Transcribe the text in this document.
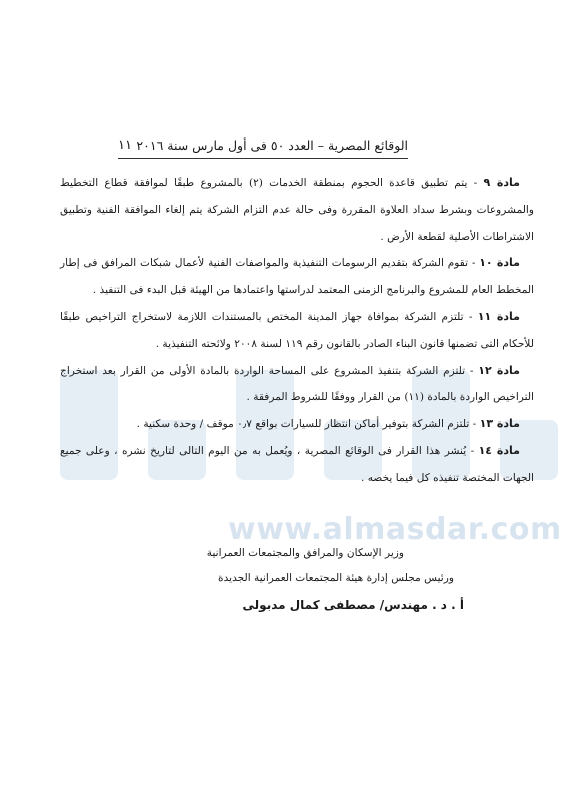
www.almasdar.com
الوقائع المصرية – العدد ٥٠ فى أول مارس سنة ٢٠١٦
١١

مادة ٩ - يتم تطبيق قاعدة الحجوم بمنطقة الخدمات (٢) بالمشروع طبقًا لموافقة قطاع التخطيط والمشروعات وبشرط سداد العلاوة المقررة وفى حالة عدم التزام الشركة يتم إلغاء الموافقة الفنية وتطبيق الاشتراطات الأصلية لقطعة الأرض .

مادة ١٠ - تقوم الشركة بتقديم الرسومات التنفيذية والمواصفات الفنية لأعمال شبكات المرافق فى إطار المخطط العام للمشروع والبرنامج الزمنى المعتمد لدراستها واعتمادها من الهيئة قبل البدء فى التنفيذ .

مادة ١١ - تلتزم الشركة بموافاة جهاز المدينة المختص بالمستندات اللازمة لاستخراج التراخيص طبقًا للأحكام التى تضمنها قانون البناء الصادر بالقانون رقم ١١٩ لسنة ٢٠٠٨ ولائحته التنفيذية .

مادة ١٢ - تلتزم الشركة بتنفيذ المشروع على المساحة الواردة بالمادة الأولى من القرار بعد استخراج التراخيص الواردة بالمادة (١١) من القرار ووفقًا للشروط المرفقة .

مادة ١٣ - تلتزم الشركة بتوفير أماكن انتظار للسيارات بواقع ٠٫٧ موقف / وحدة سكنية .

مادة ١٤ - يُنشر هذا القرار فى الوقائع المصرية ، ويُعمل به من اليوم التالى لتاريخ نشره ، وعلى جميع الجهات المختصة تنفيذه كل فيما يخصه .

وزير الإسكان والمرافق والمجتمعات العمرانية
ورئيس مجلس إدارة هيئة المجتمعات العمرانية الجديدة
أ . د . مهندس/ مصطفى كمال مدبولى
